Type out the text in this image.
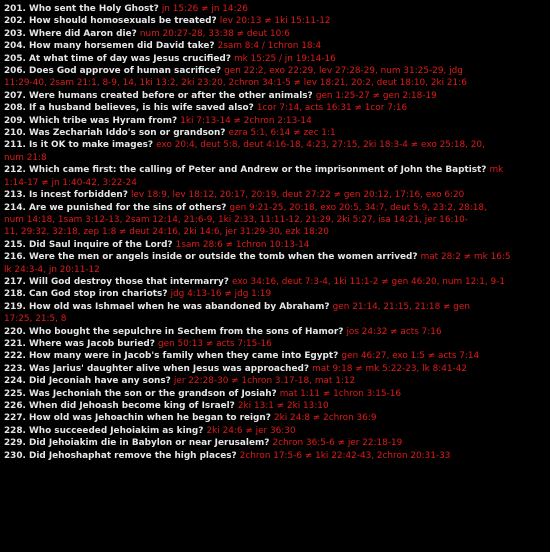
201. Who sent the Holy Ghost? jn 15:26 ≠ jn 14:26
202. How should homosexuals be treated? lev 20:13 ≠ 1ki 15:11-12
203. Where did Aaron die? num 20:27-28, 33:38 ≠ deut 10:6
204. How many horsemen did David take? 2sam 8:4 / 1chron 18:4
205. At what time of day was Jesus crucified? mk 15:25 / jn 19:14-16
206. Does God approve of human sacrifice? gen 22:2, exo 22:29, lev 27:28-29, num 31:25-29, jdg
11:29-40, 2sam 21:1, 8-9, 14, 1ki 13:2, 2ki 23:20, 2chron 34:1-5 ≠ lev 18:21, 20:2, deut 18:10, 2ki 21:6
207. Were humans created before or after the other animals? gen 1:25-27 ≠ gen 2:18-19
208. If a husband believes, is his wife saved also? 1cor 7:14, acts 16:31 ≠ 1cor 7:16
209. Which tribe was Hyram from? 1ki 7:13-14 ≠ 2chron 2:13-14
210. Was Zechariah Iddo's son or grandson? ezra 5:1, 6:14 ≠ zec 1:1
211. Is it OK to make images? exo 20:4, deut 5:8, deut 4:16-18, 4:23, 27:15, 2ki 18:3-4 ≠ exo 25:18, 20,
num 21:8
212. Which came first: the calling of Peter and Andrew or the imprisonment of John the Baptist? mk
1:14-17 ≠ jn 1:40-42, 3:22-24
213. Is incest forbidden? lev 18:9, lev 18:12, 20:17, 20:19, deut 27:22 ≠ gen 20:12, 17:16, exo 6:20
214. Are we punished for the sins of others? gen 9:21-25, 20:18, exo 20:5, 34:7, deut 5:9, 23:2, 28:18,
num 14:18, 1sam 3:12-13, 2sam 12:14, 21:6-9, 1ki 2:33, 11:11-12, 21:29, 2ki 5:27, isa 14:21, jer 16:10-
11, 29:32, 32:18, zep 1:8 ≠ deut 24:16, 2ki 14:6, jer 31:29-30, ezk 18:20
215. Did Saul inquire of the Lord? 1sam 28:6 ≠ 1chron 10:13-14
216. Were the men or angels inside or outside the tomb when the women arrived? mat 28:2 ≠ mk 16:5
lk 24:3-4, jn 20:11-12
217. Will God destroy those that intermarry? exo 34:16, deut 7:3-4, 1ki 11:1-2 ≠ gen 46:20, num 12:1, 9-1
218. Can God stop iron chariots? jdg 4:13-16 ≠ jdg 1:19
219. How old was Ishmael when he was abandoned by Abraham? gen 21:14, 21:15, 21:18 ≠ gen
17:25, 21:5, 8
220. Who bought the sepulchre in Sechem from the sons of Hamor? jos 24:32 ≠ acts 7:16
221. Where was Jacob buried? gen 50:13 ≠ acts 7:15-16
222. How many were in Jacob's family when they came into Egypt? gen 46:27, exo 1:5 ≠ acts 7:14
223. Was Jarius' daughter alive when Jesus was approached? mat 9:18 ≠ mk 5:22-23, lk 8:41-42
224. Did Jeconiah have any sons? jer 22:28-30 ≠ 1chron 3.17-18, mat 1:12
225. Was Jechoniah the son or the grandson of Josiah? mat 1:11 ≠ 1chron 3:15-16
226. When did Jehoash become king of Israel? 2ki 13:1 ≠ 2ki 13:10
227. How old was Jehoachin when he began to reign? 2ki 24:8 ≠ 2chron 36:9
228. Who succeeded Jehoiakim as king? 2ki 24:6 ≠ jer 36:30
229. Did Jehoiakim die in Babylon or near Jerusalem? 2chron 36:5-6 ≠ jer 22:18-19
230. Did Jehoshaphat remove the high places? 2chron 17:5-6 ≠ 1ki 22:42-43, 2chron 20:31-33
